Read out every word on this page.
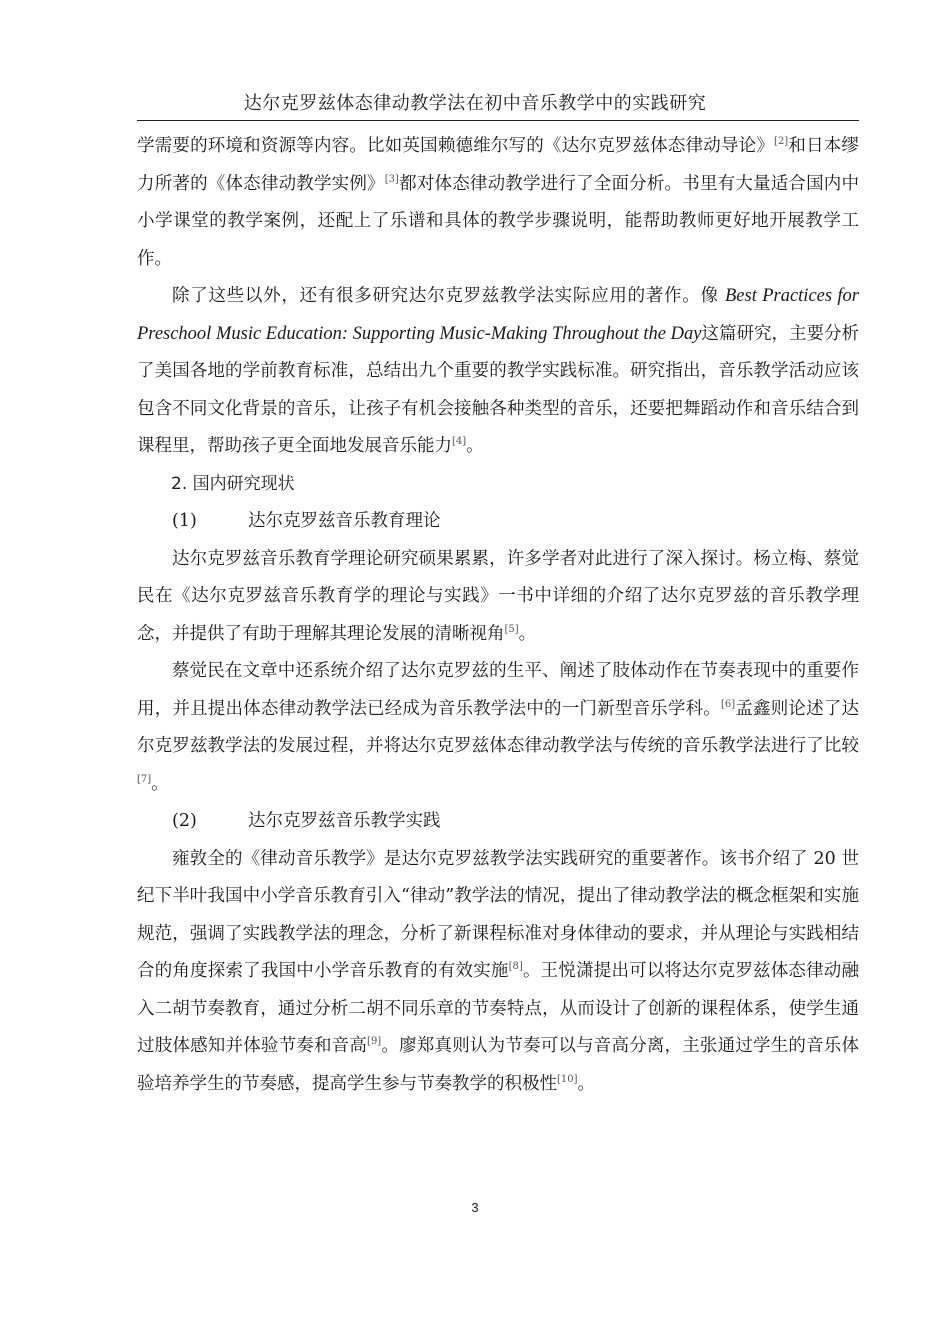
达尔克罗兹体态律动教学法在初中音乐教学中的实践研究

学需要的环境和资源等内容。比如英国赖德维尔写的《达尔克罗兹体态律动导论》[2]和日本缪力所著的《体态律动教学实例》[3]都对体态律动教学进行了全面分析。书里有大量适合国内中小学课堂的教学案例，还配上了乐谱和具体的教学步骤说明，能帮助教师更好地开展教学工作。

除了这些以外，还有很多研究达尔克罗兹教学法实际应用的著作。像 Best Practices for Preschool Music Education: Supporting Music-Making Throughout the Day这篇研究，主要分析了美国各地的学前教育标准，总结出九个重要的教学实践标准。研究指出，音乐教学活动应该包含不同文化背景的音乐，让孩子有机会接触各种类型的音乐，还要把舞蹈动作和音乐结合到课程里，帮助孩子更全面地发展音乐能力[4]。

2. 国内研究现状

(1)	达尔克罗兹音乐教育理论

达尔克罗兹音乐教育学理论研究硕果累累，许多学者对此进行了深入探讨。杨立梅、蔡觉民在《达尔克罗兹音乐教育学的理论与实践》一书中详细的介绍了达尔克罗兹的音乐教学理念，并提供了有助于理解其理论发展的清晰视角[5]。

蔡觉民在文章中还系统介绍了达尔克罗兹的生平、阐述了肢体动作在节奏表现中的重要作用，并且提出体态律动教学法已经成为音乐教学法中的一门新型音乐学科。[6]孟鑫则论述了达尔克罗兹教学法的发展过程，并将达尔克罗兹体态律动教学法与传统的音乐教学法进行了比较[7]。

(2)	达尔克罗兹音乐教学实践

雍敦全的《律动音乐教学》是达尔克罗兹教学法实践研究的重要著作。该书介绍了 20 世纪下半叶我国中小学音乐教育引入“律动”教学法的情况，提出了律动教学法的概念框架和实施规范，强调了实践教学法的理念，分析了新课程标准对身体律动的要求，并从理论与实践相结合的角度探索了我国中小学音乐教育的有效实施[8]。王悦潇提出可以将达尔克罗兹体态律动融入二胡节奏教育，通过分析二胡不同乐章的节奏特点，从而设计了创新的课程体系，使学生通过肢体感知并体验节奏和音高[9]。廖郑真则认为节奏可以与音高分离，主张通过学生的音乐体验培养学生的节奏感，提高学生参与节奏教学的积极性[10]。

3
